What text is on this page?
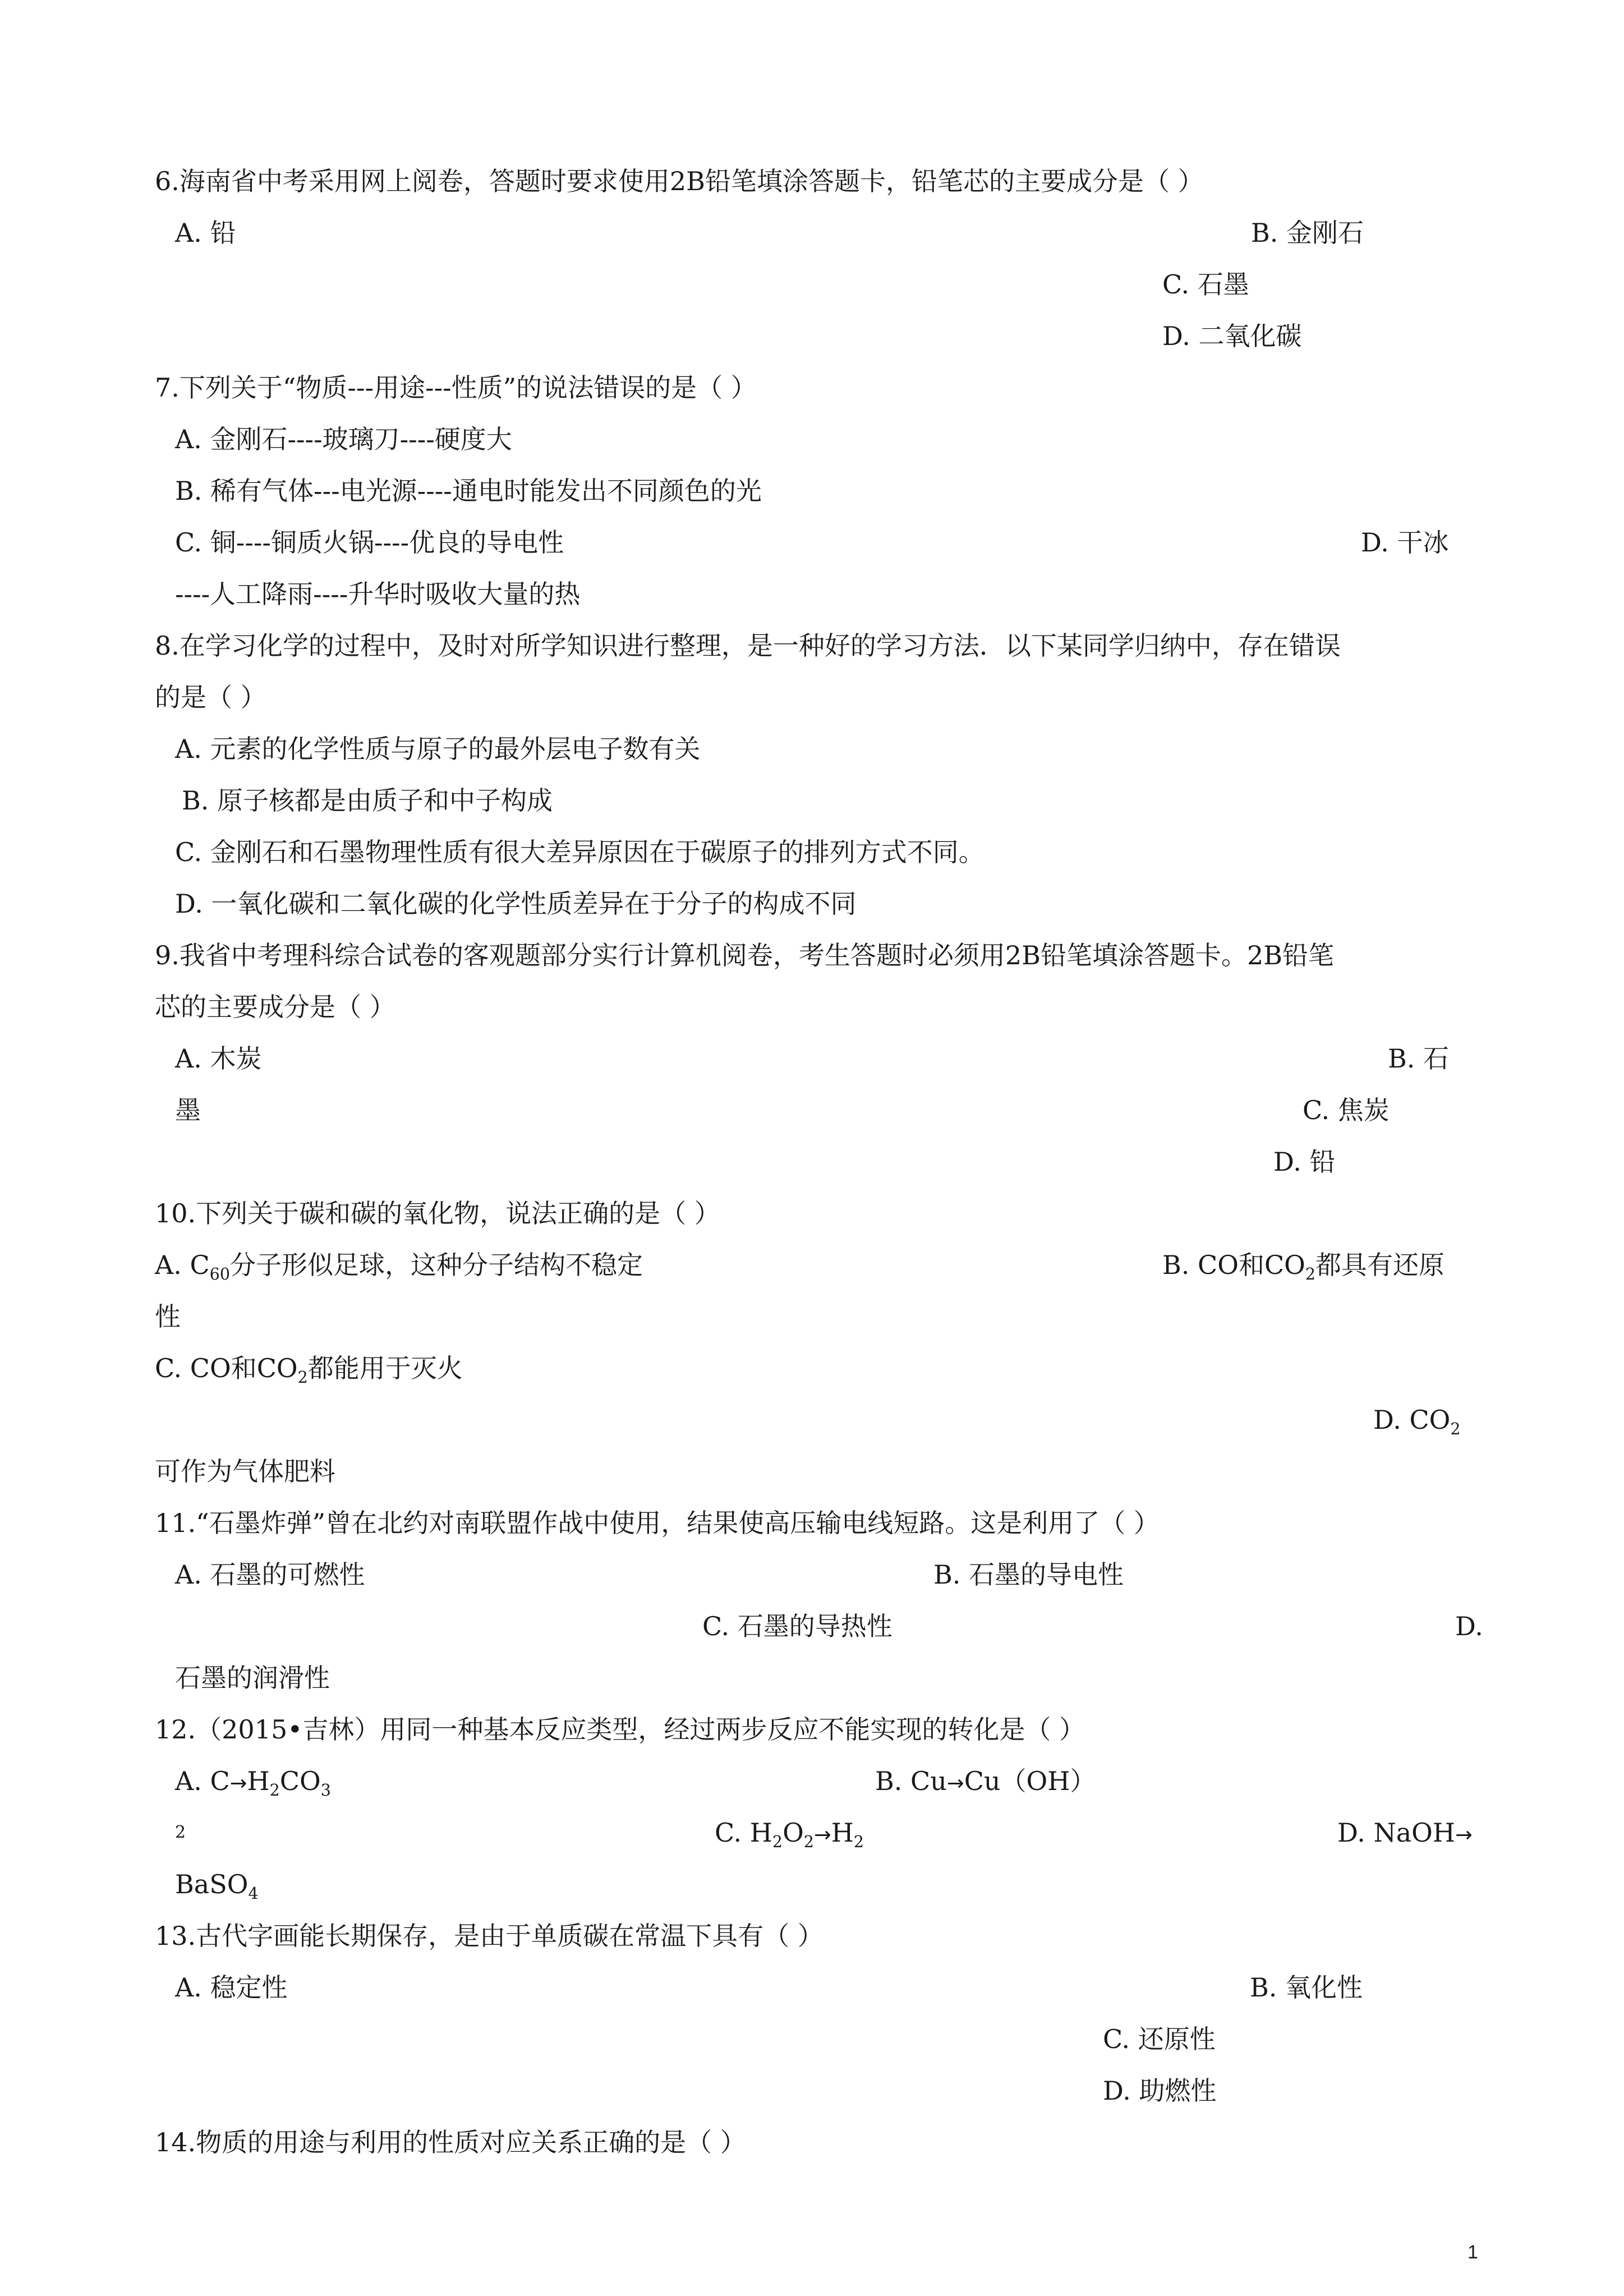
6.海南省中考采用网上阅卷，答题时要求使用2B铅笔填涂答题卡，铅笔芯的主要成分是（ ）
A. 铅	B. 金刚石
C. 石墨
D. 二氧化碳
7.下列关于“物质---用途---性质”的说法错误的是（ ）
A. 金刚石----玻璃刀----硬度大
B. 稀有气体---电光源----通电时能发出不同颜色的光
C. 铜----铜质火锅----优良的导电性	D. 干冰
----人工降雨----升华时吸收大量的热
8.在学习化学的过程中，及时对所学知识进行整理，是一种好的学习方法．以下某同学归纳中，存在错误
的是（ ）
A. 元素的化学性质与原子的最外层电子数有关
B. 原子核都是由质子和中子构成
C. 金刚石和石墨物理性质有很大差异原因在于碳原子的排列方式不同。
D. 一氧化碳和二氧化碳的化学性质差异在于分子的构成不同
9.我省中考理科综合试卷的客观题部分实行计算机阅卷，考生答题时必须用2B铅笔填涂答题卡。2B铅笔
芯的主要成分是（ ）
A. 木炭	B. 石
墨	C. 焦炭
D. 铅
10.下列关于碳和碳的氧化物，说法正确的是（ ）
A. $C_{60}$分子形似足球，这种分子结构不稳定	B. CO和$CO_2$都具有还原
性
C. CO和$CO_2$都能用于灭火
D. $CO_2$
可作为气体肥料
11.“石墨炸弹”曾在北约对南联盟作战中使用，结果使高压输电线短路。这是利用了（ ）
A. 石墨的可燃性	B. 石墨的导电性
C. 石墨的导热性	D.
石墨的润滑性
12.（2015•吉林）用同一种基本反应类型，经过两步反应不能实现的转化是（ ）
A. $C\to H_2CO_3$	B. Cu→Cu（OH）
2	C. $H_2O_2\to H_2$	D. NaOH→
BaSO$_4$
13.古代字画能长期保存，是由于单质碳在常温下具有（ ）
A. 稳定性	B. 氧化性
C. 还原性
D. 助燃性
14.物质的用途与利用的性质对应关系正确的是（ ）
1
